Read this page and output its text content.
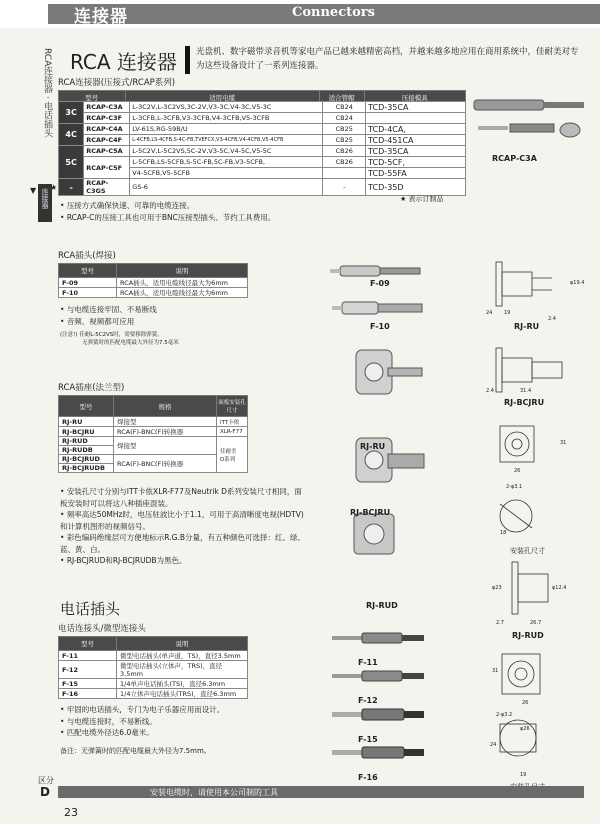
连接器	Connectors
RCA连接器 · 电话插头
连接器
▼
RCA 连接器 光盘机、数字磁带录音机等家电产品已越来越精密高档，并越来越多地应用在商用系统中，佳耐美对专为这些设备设计了一系列连接器。
RCA连接器(压接式/RCAP系列)
型号	适用电缆	适合管帽	压接模具
3C	RCAP-C3A	L-3C2V,L-3C2VS,3C-2V,V3-3C,V4-3C,V5-3C	CB24	TCD-35CA
	RCAP-C3F	L-3CFB,L-3CFB,V3-3CFB,V4-3CFB,V5-3CFB	CB24	
4C	RCAP-C4A	LV-61S,RG-59B/U	CB25	TCD-4CA,
	RCAP-C4F	L-4CFB,LS-4CFB,S-4C-FB,TVEFCX,V3-4CFB,V4-4CFB,V5-4CFB	CB25	TCD-451CA
5C	RCAP-C5A	L-5C2V,L-5C2VS,5C-2V,V3-5C,V4-5C,V5-5C	CB26	TCD-35CA
	RCAP-C5F	L-5CFB,LS-5CFB,S-5C-FB,5C-FB,V3-5CFB,	CB26	TCD-5CF,
		V4-5CFB,V5-5CFB		TCD-55FA
-	RCAP-C3GS	GS-6	-	TCD-35D
★
★ 表示订制品
RCAP-C3A
• 压接方式确保快速、可靠的电缆连接。
• RCAP-C的压接工具也可用于BNC压接型插头、节约工具费用。
RCA插头(焊接)
型号	说明
F-09	RCA插头，适用电缆线径最大为6mm
F-10	RCA插头，适用电缆线径最大为6mm
• 与电缆连接牢固、不易断线
• 音频、视频都可应用
(注意!) 佳耐L-5C2VS时，需要移除弹簧。
无弹簧时的匹配电缆最大外径为7.5毫米
RCA插座(法兰型)
型号	规格	面板安装孔尺寸
RJ-RU	焊接型	ITT卡侬
RJ-BCJRU	RCA(F)-BNC(F)转换器	XLR-F77
RJ-RUD	焊接型	佳耐美
D系列
RJ-RUDB		
RJ-BCJRUD	RCA(F)-BNC(F)转换器	
RJ-BCJRUDB		
• 安装孔尺寸分别与ITT卡侬XLR-F77及Neutrik D系列安装尺寸相同，面板安装时可以将这八种插座混装。
• 频率高达50MHz时，电压驻波比小于1.1，可用于高清晰度电视(HDTV)和计算机图形的视频信号。
• 彩色编码绝缘层可方便地标示R.G.B分量，有五种颜色可选择：红、绿、蓝、黄、白。
• RJ-BCJRUD和RJ-BCJRUDB为黑色。
电话插头
电话连接头/微型连接头
型号	说明
F-11	微型电话插头(单声道，TS)，直径3.5mm
F-12	微型电话插头(立体声，TRS)，直径3.5mm
F-15	1/4单声电话插头(TS)，直径6.3mm
F-16	1/4立体声电话插头(TRS)，直径6.3mm
• 牢固的电话插头，专门为电子乐器应用而设计。
• 与电缆连接时，不易断线。
• 匹配电缆外径达6.0毫米。
备注：无弹簧时的匹配电缆最大外径为7.5mm。
F-09
F-10
RJ-RU
RJ-BCJRU
RJ-RUD
F-11
F-12
F-15
F-16
RJ-RU
RJ-BCJRU
安装孔尺寸
RJ-RUD
24 19
φ19.4
2.4	31.4
31
26
2-φ3.1
18
φ23	φ12.4
2.7	26.7
31
26
2-φ3.2
φ26
24
19
2.4
区分
D	安装电缆时，请使用本公司制的工具
23
